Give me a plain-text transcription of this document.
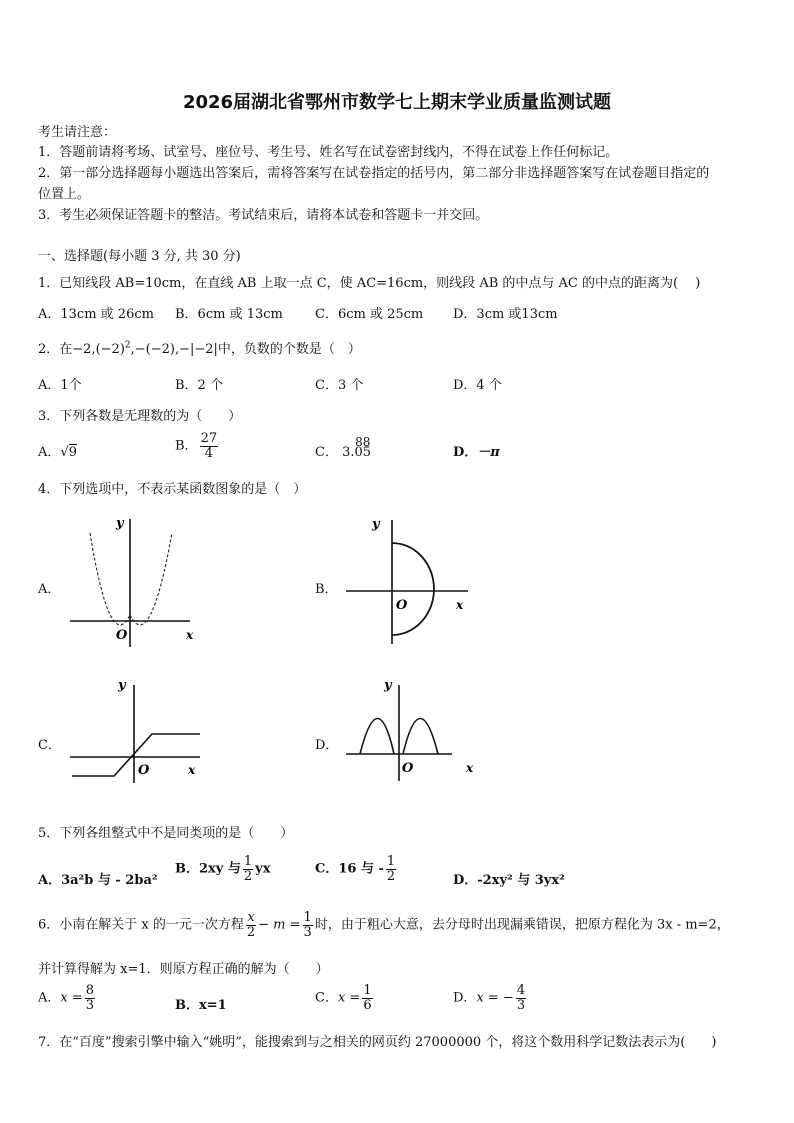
2026届湖北省鄂州市数学七上期末学业质量监测试题
考生请注意：
1．答题前请将考场、试室号、座位号、考生号、姓名写在试卷密封线内，不得在试卷上作任何标记。
2．第一部分选择题每小题选出答案后，需将答案写在试卷指定的括号内，第二部分非选择题答案写在试卷题目指定的
位置上。
3．考生必须保证答题卡的整洁。考试结束后，请将本试卷和答题卡一并交回。
一、选择题(每小题 3 分, 共 30 分)
1．已知线段 AB=10cm，在直线 AB 上取一点 C，使 AC=16cm，则线段 AB 的中点与 AC 的中点的距离为(　 )
A．13cm 或 26cm B．6cm 或 13cm C．6cm 或 25cm D．3cm 或13cm
2．在$-2,(-2)^2,-(-2),-|-2|$中，负数的个数是（　）
A．1个	B．2 个	C．3 个	D．4 个
3．下列各数是无理数的为（　　）
A．√9	B． $\frac{27}{4}$	C． 3.05
88
D．－π
4．下列选项中，不表示某函数图象的是（　）
A．
y
O	x
B．
y
O	x
C．
y
O	x
D．
y
O	x
5．下列各组整式中不是同类项的是（　　）
A．3a²b 与 - 2ba²
B．2xy 与 $\frac{1}{2}$ yx	C．16 与 - $\frac{1}{2}$	D．-2xy² 与 3yx²
6．小南在解关于 x 的一元一次方程 $\frac{x}{2} - m = \frac{1}{3}$ 时，由于粗心大意，去分母时出现漏乘错误，把原方程化为 3x - m=2，
并计算得解为 x=1．则原方程正确的解为（　　）
A．$x = \frac{8}{3}$	B．x=1	C．$x = \frac{1}{6}$	D．x = − $\frac{4}{3}$
7．在“百度”搜索引擎中输入“姚明”，能搜索到与之相关的网页约 27000000 个，将这个数用科学记数法表示为(　　)
